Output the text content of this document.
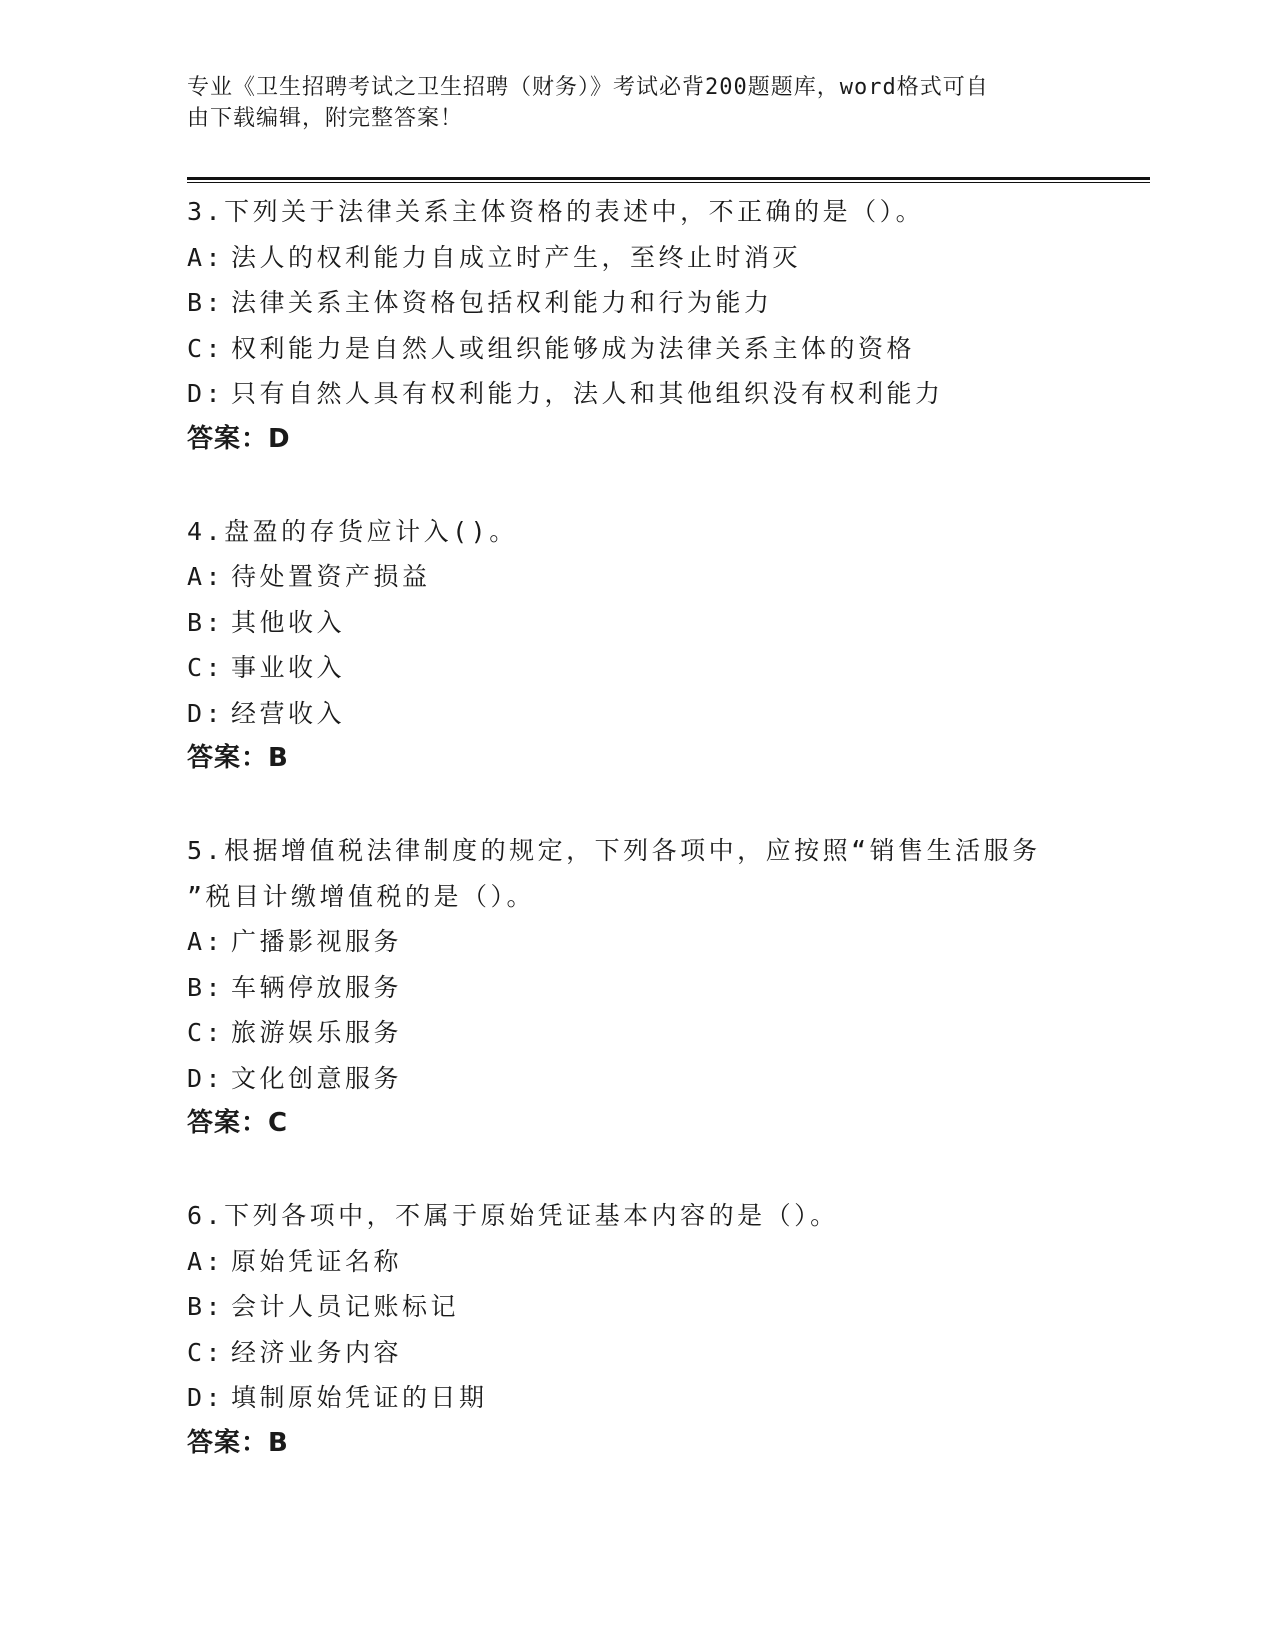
专业《卫生招聘考试之卫生招聘（财务）》考试必背200题题库，word格式可自
由下载编辑，附完整答案！
3.下列关于法律关系主体资格的表述中，不正确的是（）。
A: 法人的权利能力自成立时产生，至终止时消灭
B: 法律关系主体资格包括权利能力和行为能力
C: 权利能力是自然人或组织能够成为法律关系主体的资格
D: 只有自然人具有权利能力，法人和其他组织没有权利能力
答案：D
4.盘盈的存货应计入()。
A: 待处置资产损益
B: 其他收入
C: 事业收入
D: 经营收入
答案：B
5.根据增值税法律制度的规定，下列各项中，应按照“销售生活服务
”税目计缴增值税的是（）。
A: 广播影视服务
B: 车辆停放服务
C: 旅游娱乐服务
D: 文化创意服务
答案：C
6.下列各项中，不属于原始凭证基本内容的是（）。
A: 原始凭证名称
B: 会计人员记账标记
C: 经济业务内容
D: 填制原始凭证的日期
答案：B
